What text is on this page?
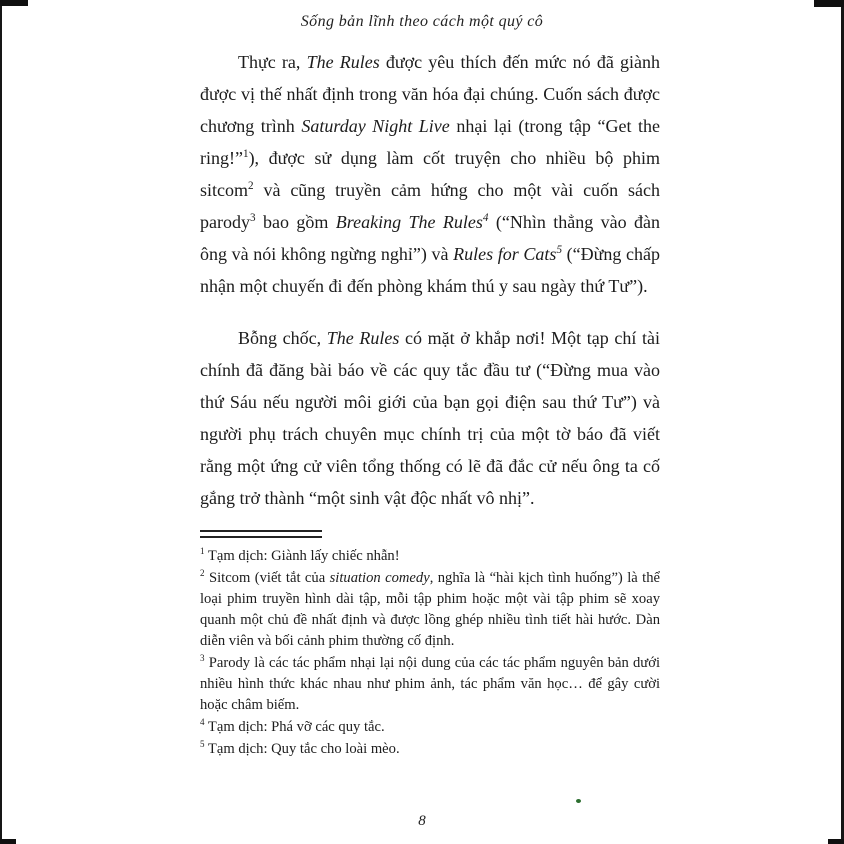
Sống bản lĩnh theo cách một quý cô

Thực ra, The Rules được yêu thích đến mức nó đã giành được vị thế nhất định trong văn hóa đại chúng. Cuốn sách được chương trình Saturday Night Live nhại lại (trong tập “Get the ring!”$^1$), được sử dụng làm cốt truyện cho nhiều bộ phim sitcom$^2$ và cũng truyền cảm hứng cho một vài cuốn sách parody$^3$ bao gồm Breaking The Rules$^4$ (“Nhìn thẳng vào đàn ông và nói không ngừng nghỉ”) và Rules for Cats$^5$ (“Đừng chấp nhận một chuyến đi đến phòng khám thú y sau ngày thứ Tư”).

Bỗng chốc, The Rules có mặt ở khắp nơi! Một tạp chí tài chính đã đăng bài báo về các quy tắc đầu tư (“Đừng mua vào thứ Sáu nếu người môi giới của bạn gọi điện sau thứ Tư”) và người phụ trách chuyên mục chính trị của một tờ báo đã viết rằng một ứng cử viên tổng thống có lẽ đã đắc cử nếu ông ta cố gắng trở thành “một sinh vật độc nhất vô nhị”.

$^1$ Tạm dịch: Giành lấy chiếc nhẫn!
$^2$ Sitcom (viết tắt của situation comedy, nghĩa là “hài kịch tình huống”) là thể loại phim truyền hình dài tập, mỗi tập phim hoặc một vài tập phim sẽ xoay quanh một chủ đề nhất định và được lồng ghép nhiều tình tiết hài hước. Dàn diễn viên và bối cảnh phim thường cố định.
$^3$ Parody là các tác phẩm nhại lại nội dung của các tác phẩm nguyên bản dưới nhiều hình thức khác nhau như phim ảnh, tác phẩm văn học… để gây cười hoặc châm biếm.
$^4$ Tạm dịch: Phá vỡ các quy tắc.
$^5$ Tạm dịch: Quy tắc cho loài mèo.
8
